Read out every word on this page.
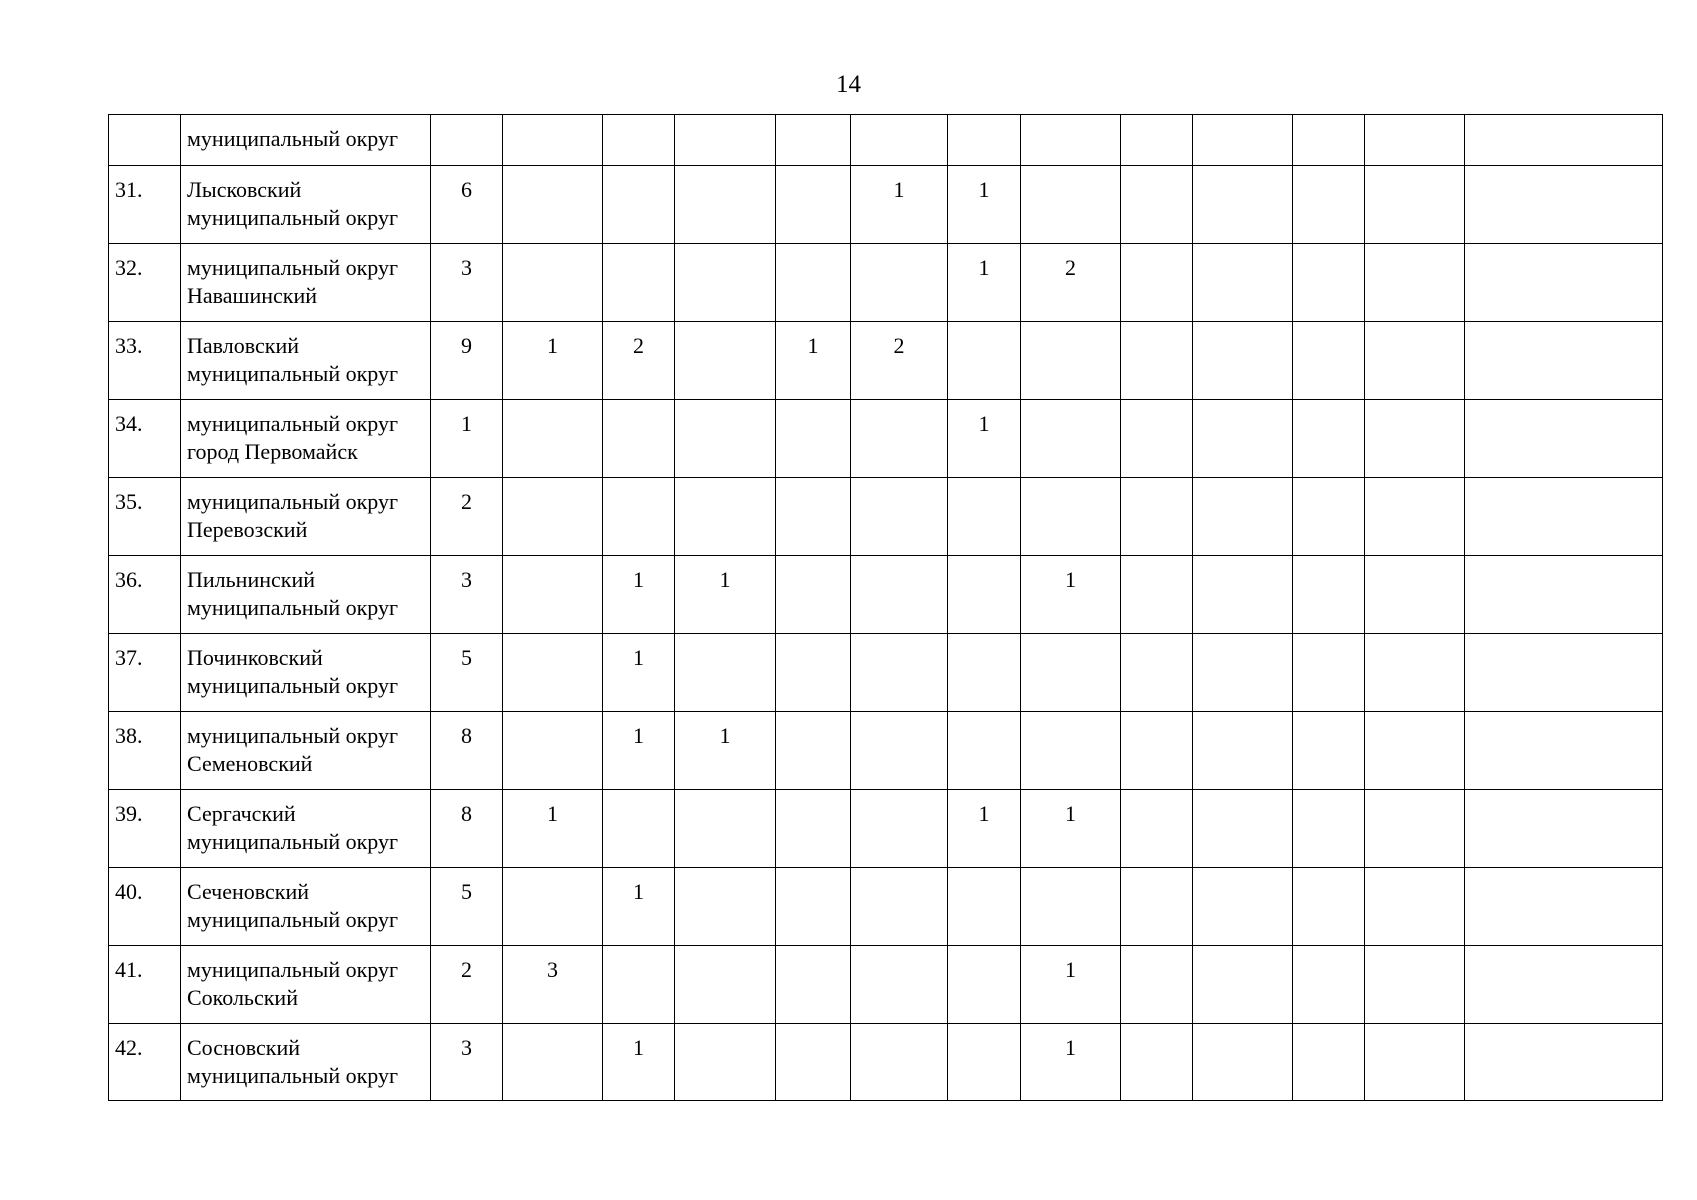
14
	муниципальный округ														
31.	Лысковский муниципальный округ	6					1	1							
32.	муниципальный округ Навашинский	3						1	2						
33.	Павловский муниципальный округ	9	1	2		1	2								
34.	муниципальный округ город Первомайск	1						1							
35.	муниципальный округ Перевозский	2													
36.	Пильнинский муниципальный округ	3		1	1				1						
37.	Починковский муниципальный округ	5		1											
38.	муниципальный округ Семеновский	8		1	1										
39.	Сергачский муниципальный округ	8	1					1	1						
40.	Сеченовский муниципальный округ	5		1											
41.	муниципальный округ Сокольский	2	3						1						
42.	Сосновский муниципальный округ	3		1					1						
